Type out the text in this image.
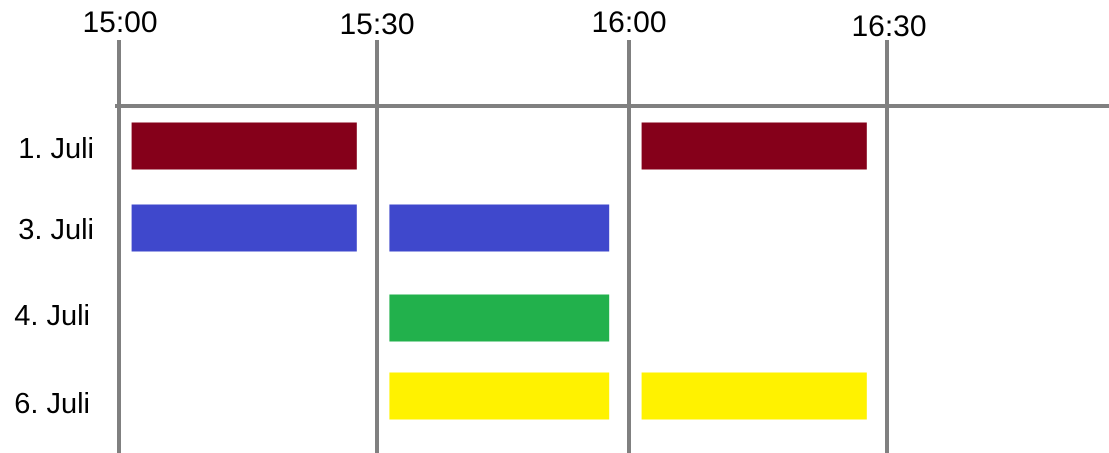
15:00	15:30	16:00	16:30
1. Juli
3. Juli
4. Juli
6. Juli
